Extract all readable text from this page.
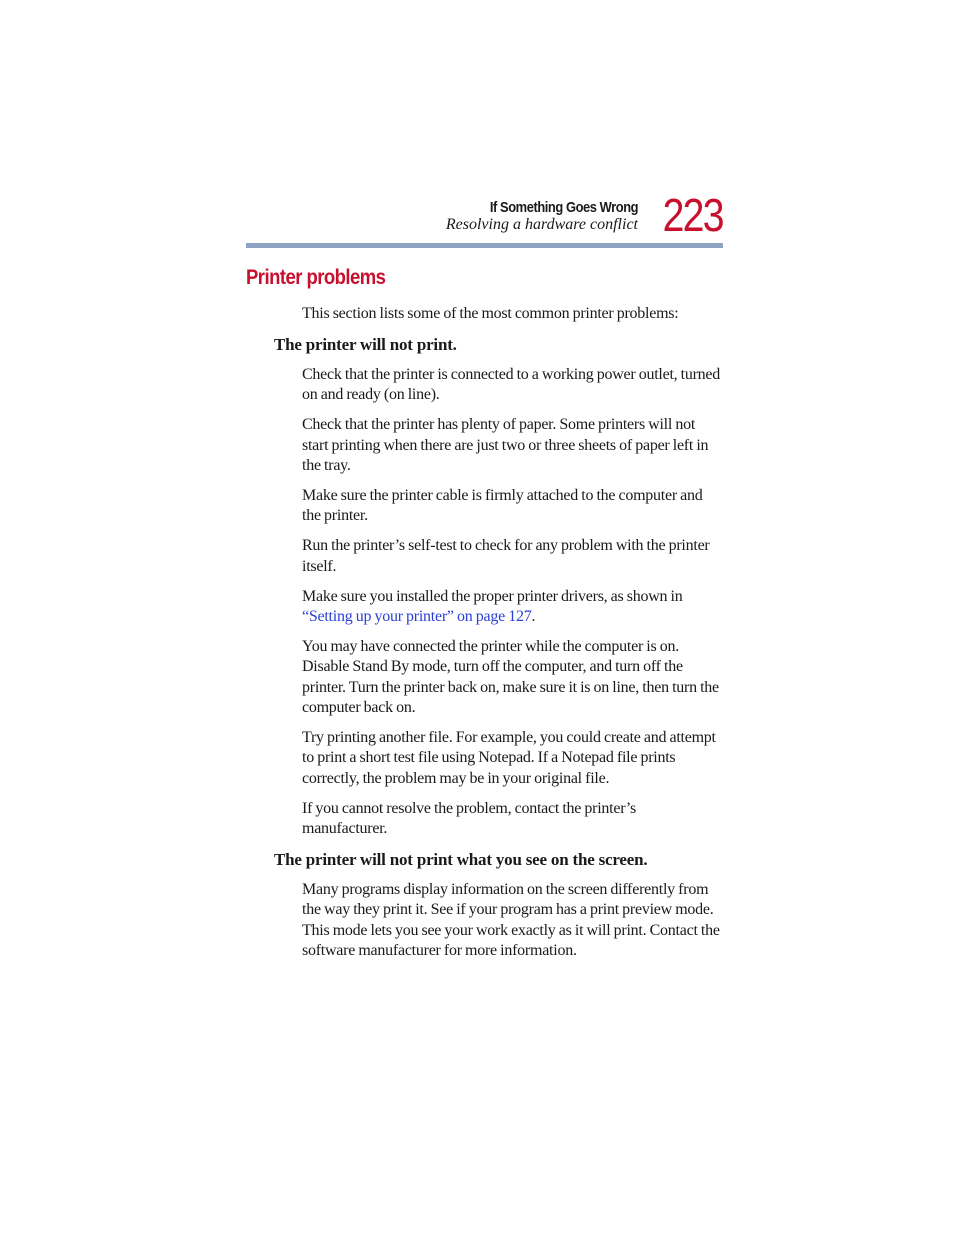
If Something Goes Wrong
Resolving a hardware conflict 223
Printer problems

This section lists some of the most common printer problems:

The printer will not print.

Check that the printer is connected to a working power outlet, turned on and ready (on line).

Check that the printer has plenty of paper. Some printers will not start printing when there are just two or three sheets of paper left in the tray.

Make sure the printer cable is firmly attached to the computer and the printer.

Run the printer’s self-test to check for any problem with the printer itself.

Make sure you installed the proper printer drivers, as shown in “Setting up your printer” on page 127.

You may have connected the printer while the computer is on. Disable Stand By mode, turn off the computer, and turn off the printer. Turn the printer back on, make sure it is on line, then turn the computer back on.

Try printing another file. For example, you could create and attempt to print a short test file using Notepad. If a Notepad file prints correctly, the problem may be in your original file.

If you cannot resolve the problem, contact the printer’s manufacturer.

The printer will not print what you see on the screen.

Many programs display information on the screen differently from the way they print it. See if your program has a print preview mode. This mode lets you see your work exactly as it will print. Contact the software manufacturer for more information.
